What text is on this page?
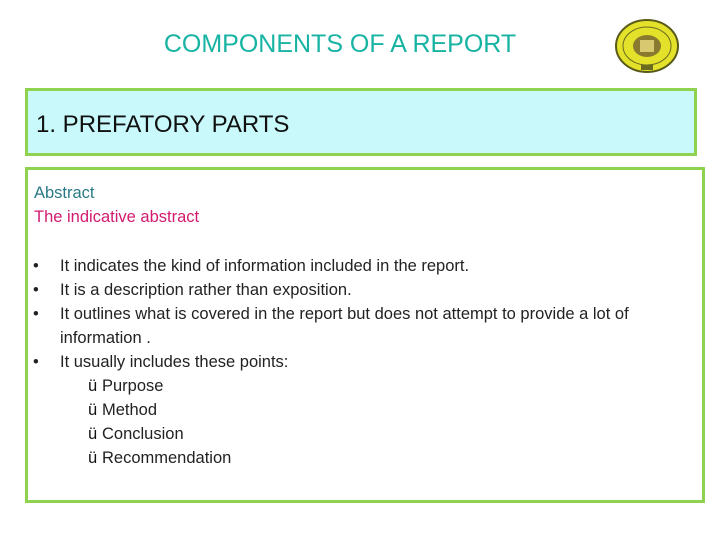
COMPONENTS OF A REPORT
1. PREFATORY PARTS
Abstract
The indicative abstract
• It indicates the kind of information included in the report.
• It is a description rather than exposition.
• It outlines what is covered in the report but does not attempt to provide a lot of information .
• It usually includes these points:
ü Purpose
ü Method
ü Conclusion
ü Recommendation
